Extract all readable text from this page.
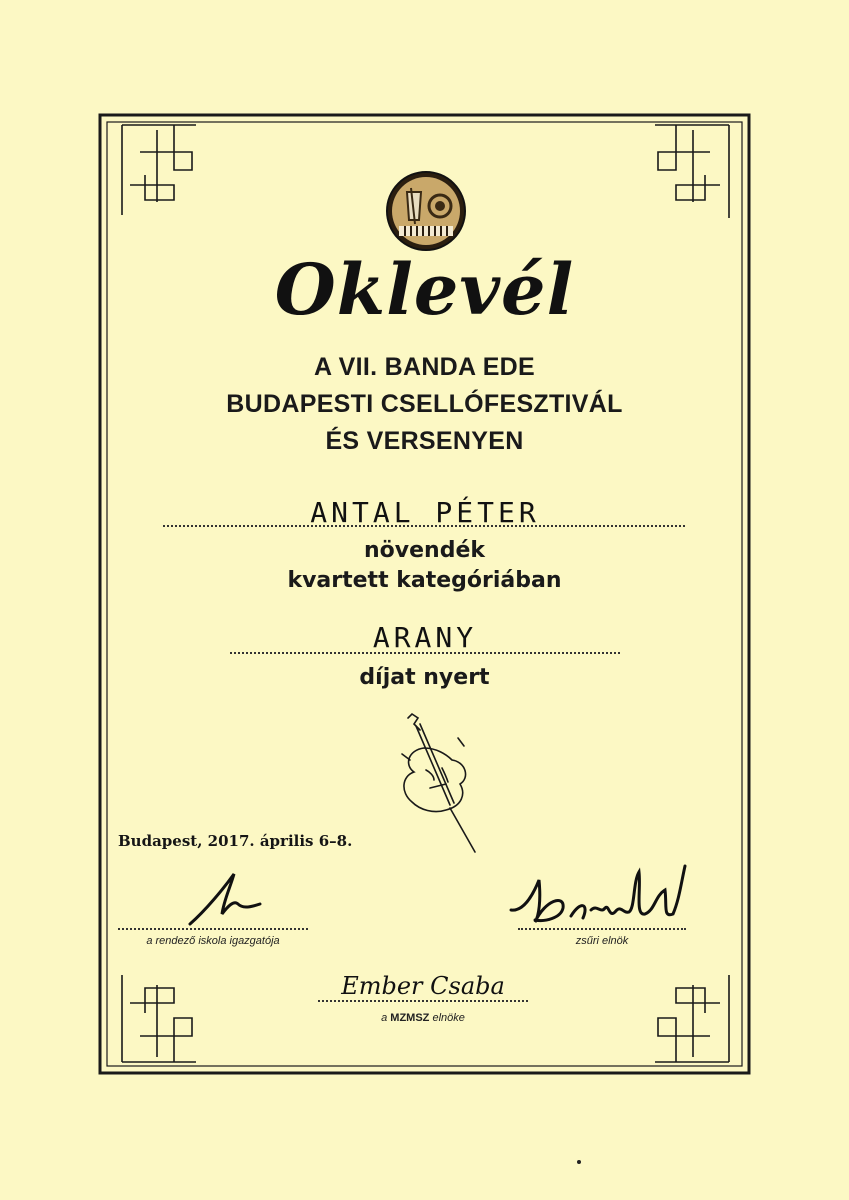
Oklevél
A VII. BANDA EDE
BUDAPESTI CSELLÓFESZTIVÁL
ÉS VERSENYEN
ANTAL PÉTER
növendék
kvartett kategóriában
ARANY
díjat nyert
Budapest, 2017. április 6–8.
a rendező iskola igazgatója	zsűri elnök
Ember Csaba
a MZMSZ elnöke
